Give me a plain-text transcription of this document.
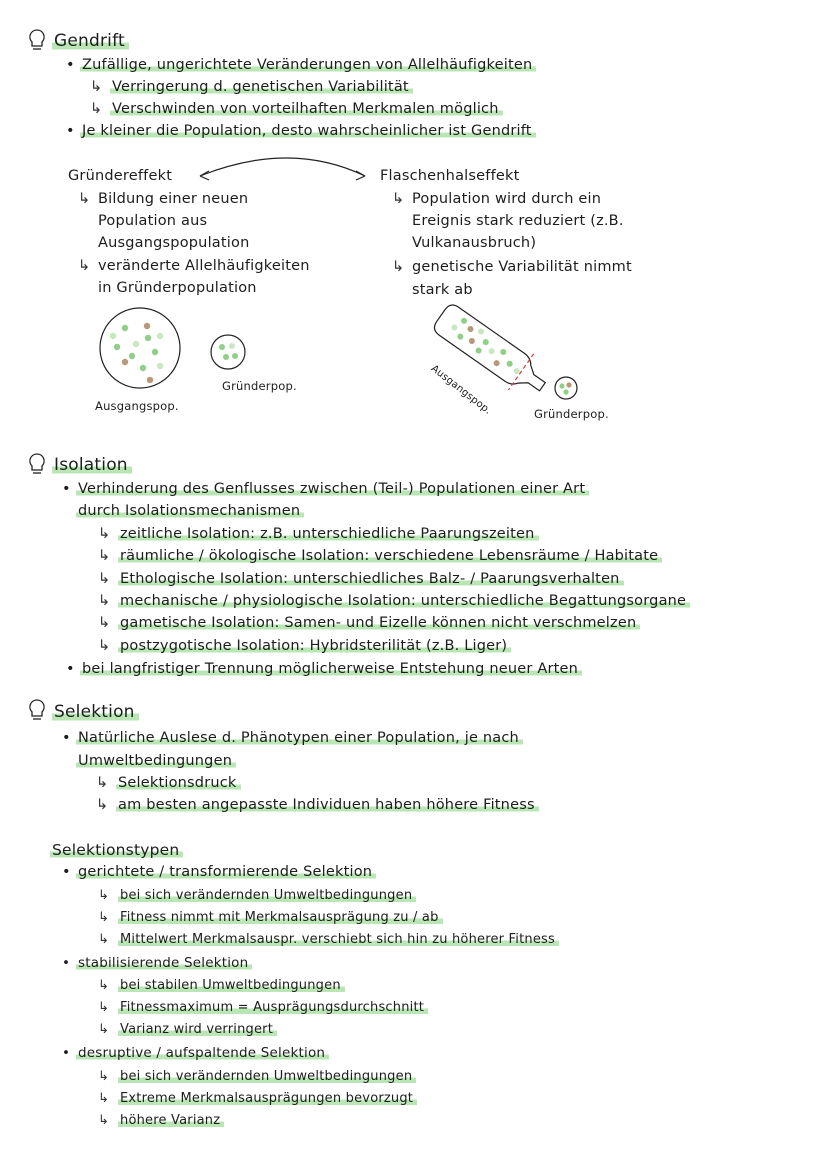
Gendrift
• Zufällige, ungerichtete Veränderungen von Allelhäufigkeiten
↳ Verringerung d. genetischen Variabilität
↳ Verschwinden von vorteilhaften Merkmalen möglich
• Je kleiner die Population, desto wahrscheinlicher ist Gendrift
Gründereffekt
↳ Bildung einer neuen
Population aus
Ausgangspopulation
↳ veränderte Allelhäufigkeiten
in Gründerpopulation
Ausgangspop.
Gründerpop.
Flaschenhalseffekt
↳ Population wird durch ein
Ereignis stark reduziert (z.B.
Vulkanausbruch)
↳ genetische Variabilität nimmt
stark ab
Ausgangspop.	Gründerpop.
Isolation
• Verhinderung des Genflusses zwischen (Teil-) Populationen einer Art
durch Isolationsmechanismen
↳ zeitliche Isolation: z.B. unterschiedliche Paarungszeiten
↳ räumliche / ökologische Isolation: verschiedene Lebensräume / Habitate
↳ Ethologische Isolation: unterschiedliches Balz- / Paarungsverhalten
↳ mechanische / physiologische Isolation: unterschiedliche Begattungsorgane
↳ gametische Isolation: Samen- und Eizelle können nicht verschmelzen
↳ postzygotische Isolation: Hybridsterilität (z.B. Liger)
• bei langfristiger Trennung möglicherweise Entstehung neuer Arten
Selektion
• Natürliche Auslese d. Phänotypen einer Population, je nach
Umweltbedingungen
↳ Selektionsdruck
↳ am besten angepasste Individuen haben höhere Fitness
Selektionstypen
• gerichtete / transformierende Selektion
↳ bei sich verändernden Umweltbedingungen
↳ Fitness nimmt mit Merkmalsausprägung zu / ab
↳ Mittelwert Merkmalsauspr. verschiebt sich hin zu höherer Fitness
• stabilisierende Selektion
↳ bei stabilen Umweltbedingungen
↳ Fitnessmaximum = Ausprägungsdurchschnitt
↳ Varianz wird verringert
• desruptive / aufspaltende Selektion
↳ bei sich verändernden Umweltbedingungen
↳ Extreme Merkmalsausprägungen bevorzugt
↳ höhere Varianz
